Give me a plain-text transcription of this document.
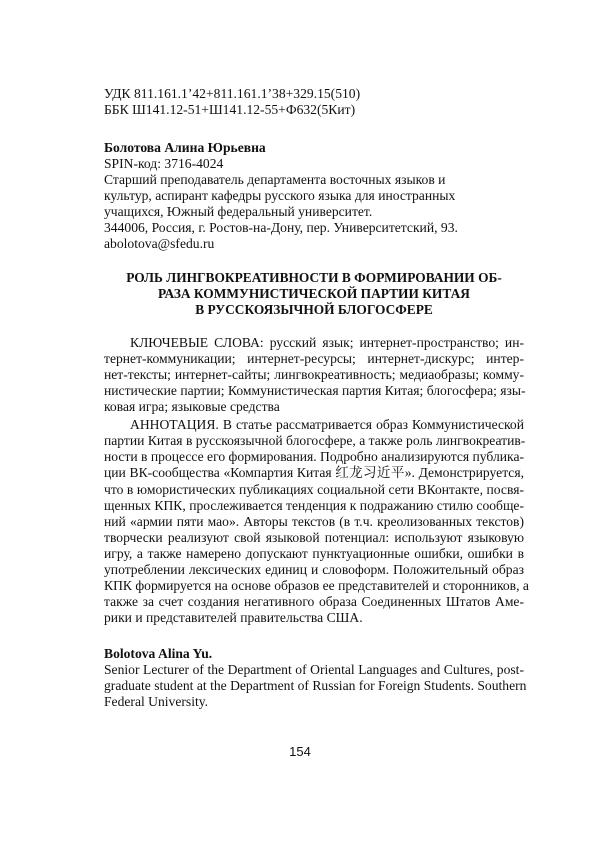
УДК 811.161.1’42+811.161.1’38+329.15(510)
ББК Ш141.12-51+Ш141.12-55+Ф632(5Кит)
Болотова Алина Юрьевна
SPIN-код: 3716-4024
Старший преподаватель департамента восточных языков и
культур, аспирант кафедры русского языка для иностранных
учащихся, Южный федеральный университет.
344006, Россия, г. Ростов-на-Дону, пер. Университетский, 93.
abolotova@sfedu.ru
РОЛЬ ЛИНГВОКРЕАТИВНОСТИ В ФОРМИРОВАНИИ ОБ-
РАЗА КОММУНИСТИЧЕСКОЙ ПАРТИИ КИТАЯ
В РУССКОЯЗЫЧНОЙ БЛОГОСФЕРЕ
КЛЮЧЕВЫЕ СЛОВА: русский язык; интернет-пространство; ин-
тернет-коммуникации; интернет-ресурсы; интернет-дискурс; интер-
нет-тексты; интернет-сайты; лингвокреативность; медиаобразы; комму-
нистические партии; Коммунистическая партия Китая; блогосфера; язы-
ковая игра; языковые средства
АННОТАЦИЯ. В статье рассматривается образ Коммунистической
партии Китая в русскоязычной блогосфере, а также роль лингвокреатив-
ности в процессе его формирования. Подробно анализируются публика-
ции ВК-сообщества «Компартия Китая 红龙习近平». Демонстрируется,
что в юмористических публикациях социальной сети ВКонтакте, посвя-
щенных КПК, прослеживается тенденция к подражанию стилю сообще-
ний «армии пяти мао». Авторы текстов (в т.ч. креолизованных текстов)
творчески реализуют свой языковой потенциал: используют языковую
игру, а также намерено допускают пунктуационные ошибки, ошибки в
употреблении лексических единиц и словоформ. Положительный образ
КПК формируется на основе образов ее представителей и сторонников, а
также за счет создания негативного образа Соединенных Штатов Аме-
рики и представителей правительства США.
Bolotova Alina Yu.
Senior Lecturer of the Department of Oriental Languages and Cultures, post-
graduate student at the Department of Russian for Foreign Students. Southern
Federal University.
154
